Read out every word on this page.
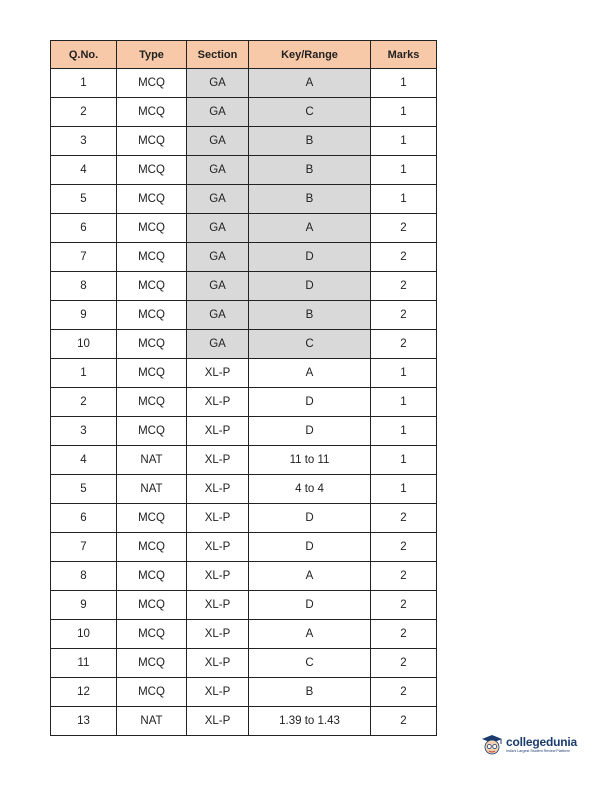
Q.No.	Type	Section	Key/Range	Marks
1	MCQ	GA	A	1
2	MCQ	GA	C	1
3	MCQ	GA	B	1
4	MCQ	GA	B	1
5	MCQ	GA	B	1
6	MCQ	GA	A	2
7	MCQ	GA	D	2
8	MCQ	GA	D	2
9	MCQ	GA	B	2
10	MCQ	GA	C	2
1	MCQ	XL-P	A	1
2	MCQ	XL-P	D	1
3	MCQ	XL-P	D	1
4	NAT	XL-P	11 to 11	1
5	NAT	XL-P	4 to 4	1
6	MCQ	XL-P	D	2
7	MCQ	XL-P	D	2
8	MCQ	XL-P	A	2
9	MCQ	XL-P	D	2
10	MCQ	XL-P	A	2
11	MCQ	XL-P	C	2
12	MCQ	XL-P	B	2
13	NAT	XL-P	1.39 to 1.43	2
collegedunia
India's Largest Student Review Platform
